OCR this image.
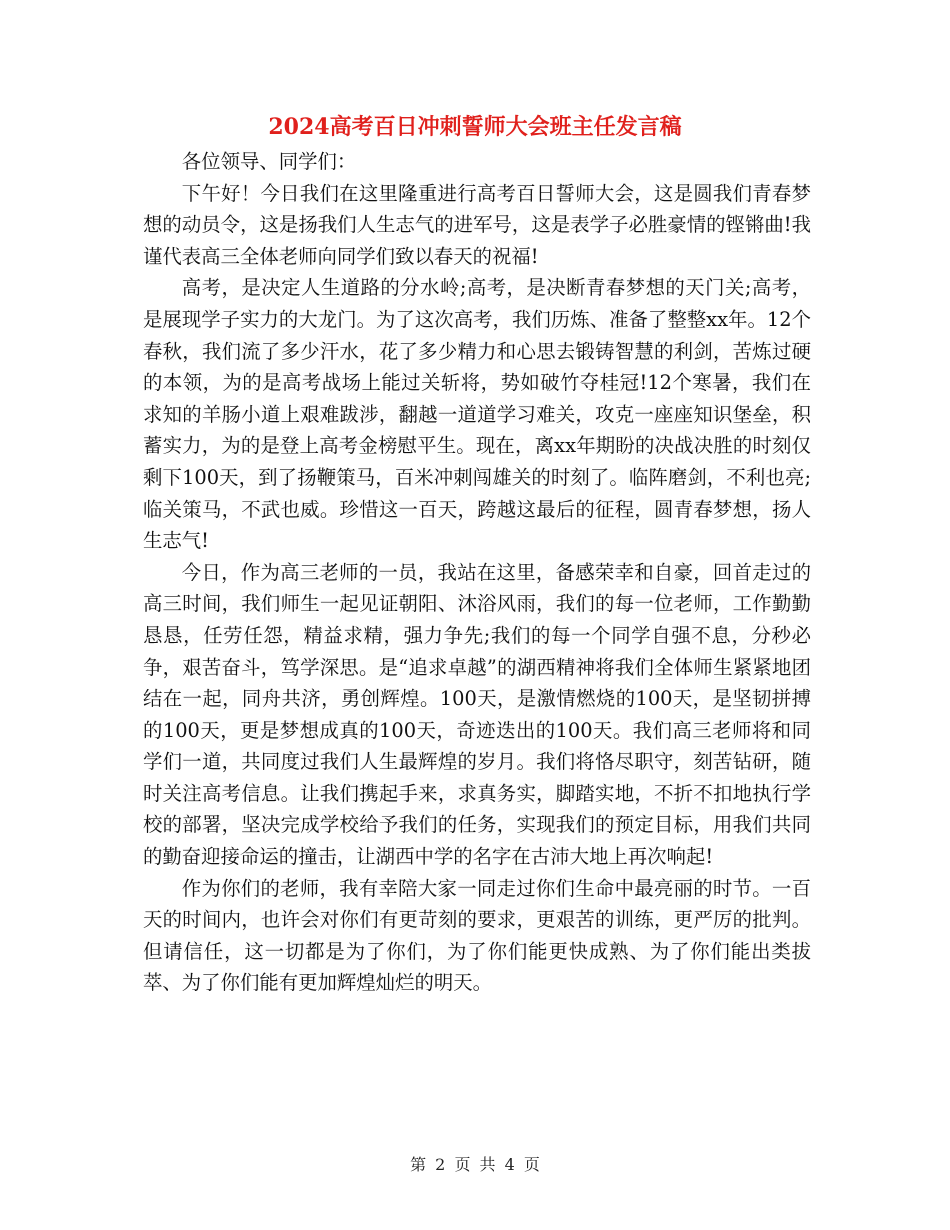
2024高考百日冲刺誓师大会班主任发言稿

各位领导、同学们：

下午好！今日我们在这里隆重进行高考百日誓师大会，这是圆我们青春梦想的动员令，这是扬我们人生志气的进军号，这是表学子必胜豪情的铿锵曲!我谨代表高三全体老师向同学们致以春天的祝福!

高考，是决定人生道路的分水岭;高考，是决断青春梦想的天门关;高考，是展现学子实力的大龙门。为了这次高考，我们历炼、准备了整整xx年。12个春秋，我们流了多少汗水，花了多少精力和心思去锻铸智慧的利剑，苦炼过硬的本领，为的是高考战场上能过关斩将，势如破竹夺桂冠!12个寒暑，我们在求知的羊肠小道上艰难跋涉，翻越一道道学习难关，攻克一座座知识堡垒，积蓄实力，为的是登上高考金榜慰平生。现在，离xx年期盼的决战决胜的时刻仅剩下100天，到了扬鞭策马，百米冲刺闯雄关的时刻了。临阵磨剑，不利也亮;临关策马，不武也威。珍惜这一百天，跨越这最后的征程，圆青春梦想，扬人生志气!

今日，作为高三老师的一员，我站在这里，备感荣幸和自豪，回首走过的高三时间，我们师生一起见证朝阳、沐浴风雨，我们的每一位老师，工作勤勤恳恳，任劳任怨，精益求精，强力争先;我们的每一个同学自强不息，分秒必争，艰苦奋斗，笃学深思。是“追求卓越”的湖西精神将我们全体师生紧紧地团结在一起，同舟共济，勇创辉煌。100天，是激情燃烧的100天，是坚韧拼搏的100天，更是梦想成真的100天，奇迹迭出的100天。我们高三老师将和同学们一道，共同度过我们人生最辉煌的岁月。我们将恪尽职守，刻苦钻研，随时关注高考信息。让我们携起手来，求真务实，脚踏实地，不折不扣地执行学校的部署，坚决完成学校给予我们的任务，实现我们的预定目标，用我们共同的勤奋迎接命运的撞击，让湖西中学的名字在古沛大地上再次响起!

作为你们的老师，我有幸陪大家一同走过你们生命中最亮丽的时节。一百天的时间内，也许会对你们有更苛刻的要求，更艰苦的训练，更严厉的批判。但请信任，这一切都是为了你们，为了你们能更快成熟、为了你们能出类拔萃、为了你们能有更加辉煌灿烂的明天。

第 2 页 共 4 页
